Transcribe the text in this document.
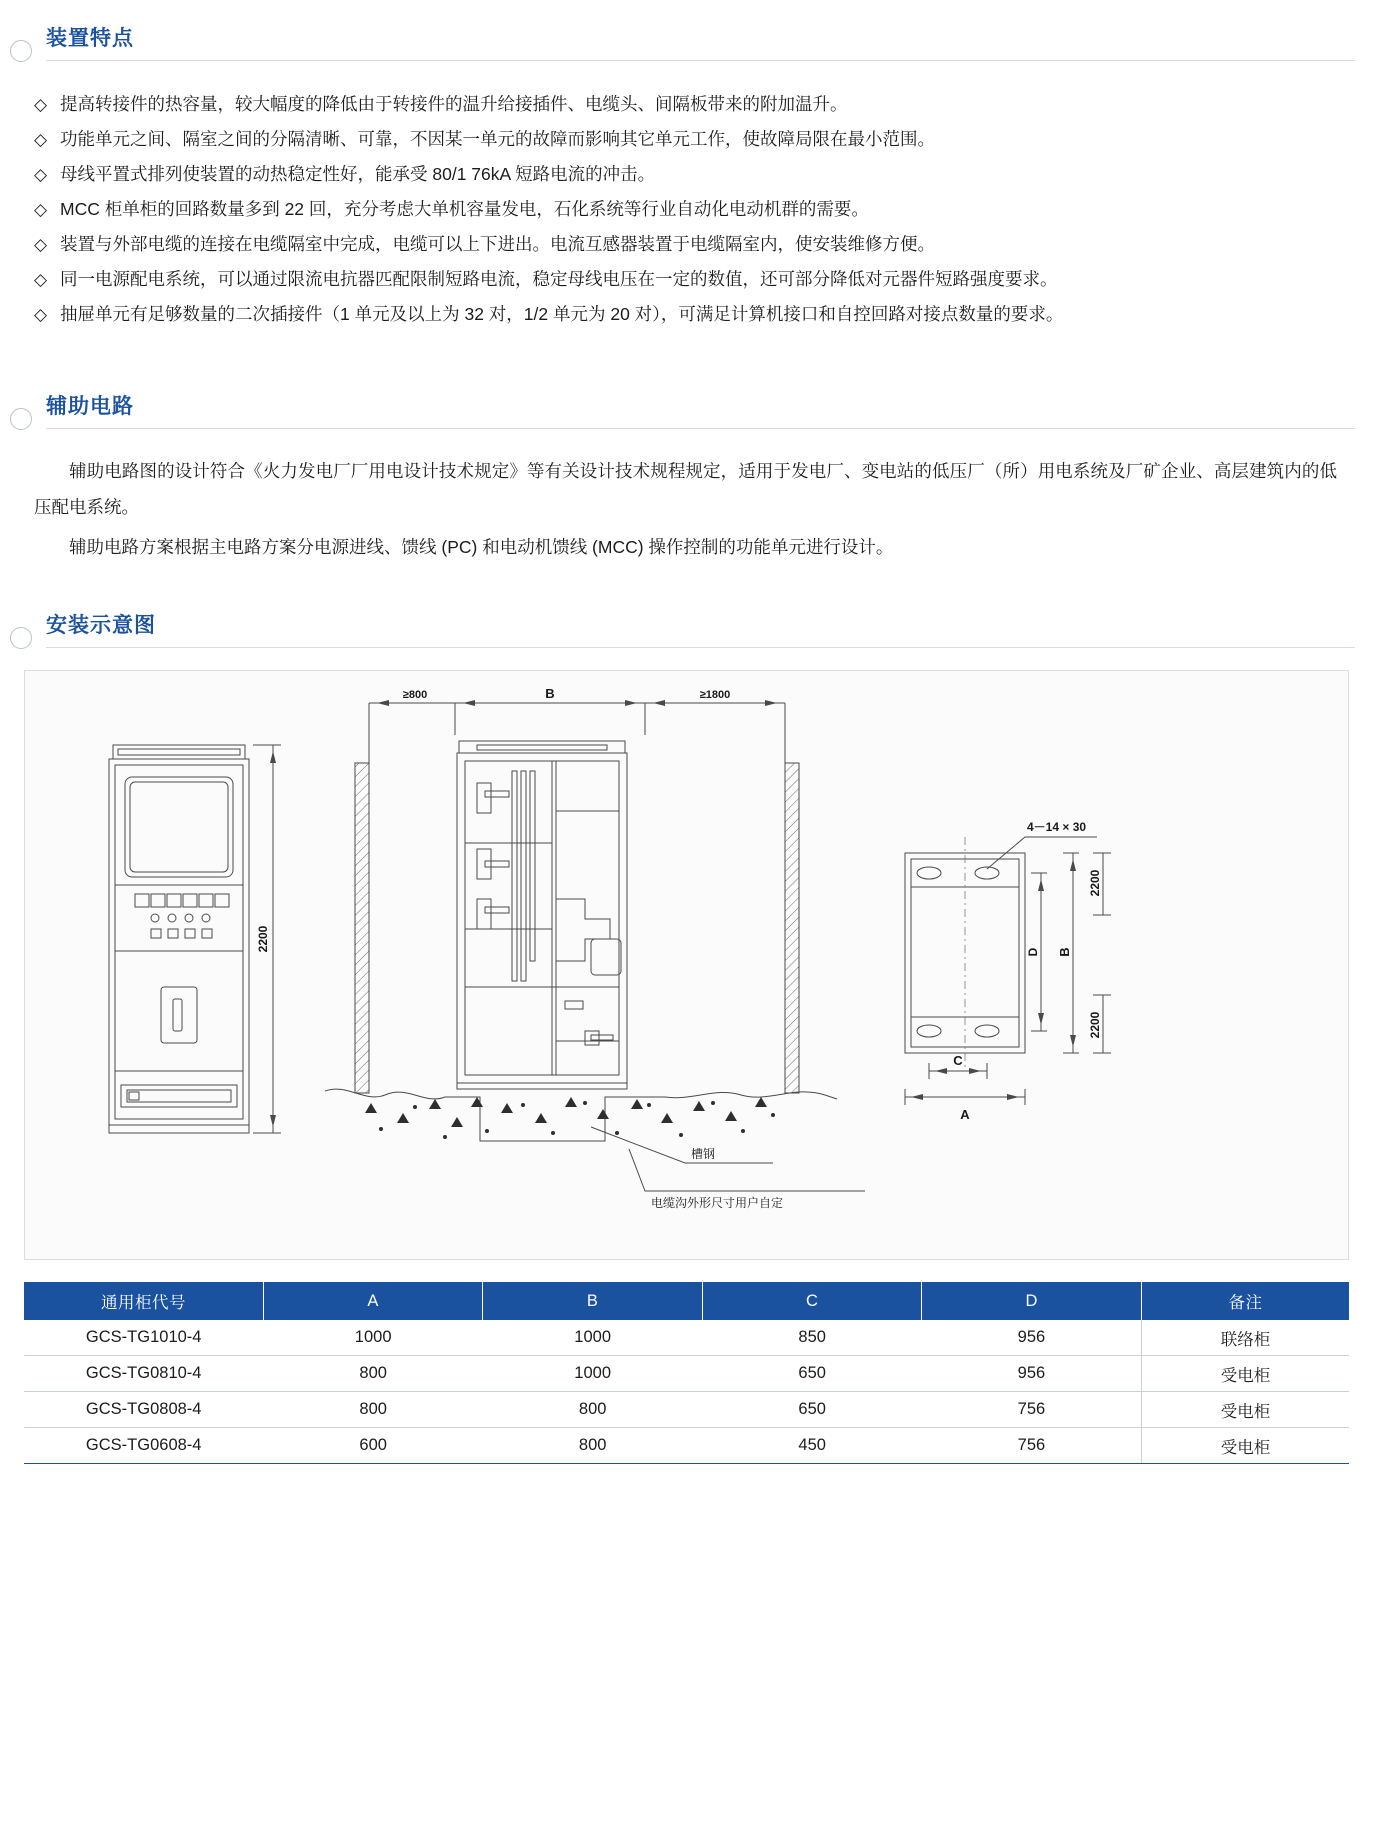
装置特点
◇ 提高转接件的热容量，较大幅度的降低由于转接件的温升给接插件、电缆头、间隔板带来的附加温升。
◇ 功能单元之间、隔室之间的分隔清晰、可靠，不因某一单元的故障而影响其它单元工作，使故障局限在最小范围。
◇ 母线平置式排列使装置的动热稳定性好，能承受 80/1 76kA 短路电流的冲击。
◇ MCC 柜单柜的回路数量多到 22 回，充分考虑大单机容量发电，石化系统等行业自动化电动机群的需要。
◇ 装置与外部电缆的连接在电缆隔室中完成，电缆可以上下进出。电流互感器装置于电缆隔室内，使安装维修方便。
◇ 同一电源配电系统，可以通过限流电抗器匹配限制短路电流，稳定母线电压在一定的数值，还可部分降低对元器件短路强度要求。
◇ 抽屉单元有足够数量的二次插接件（1 单元及以上为 32 对，1/2 单元为 20 对），可满足计算机接口和自控回路对接点数量的要求。
辅助电路

辅助电路图的设计符合《火力发电厂厂用电设计技术规定》等有关设计技术规程规定，适用于发电厂、变电站的低压厂（所）用电系统及厂矿企业、高层建筑内的低压配电系统。

辅助电路方案根据主电路方案分电源进线、馈线 (PC) 和电动机馈线 (MCC) 操作控制的功能单元进行设计。

安装示意图
2200
≥800	B	≥1800
槽钢
电缆沟外形尺寸用户自定
4－14 × 30
D B
2200
2200
C
A
通用柜代号	A	B	C	D	备注
GCS-TG1010-4	1000	1000	850	956	联络柜
GCS-TG0810-4	800	1000	650	956	受电柜
GCS-TG0808-4	800	800	650	756	受电柜
GCS-TG0608-4	600	800	450	756	受电柜
